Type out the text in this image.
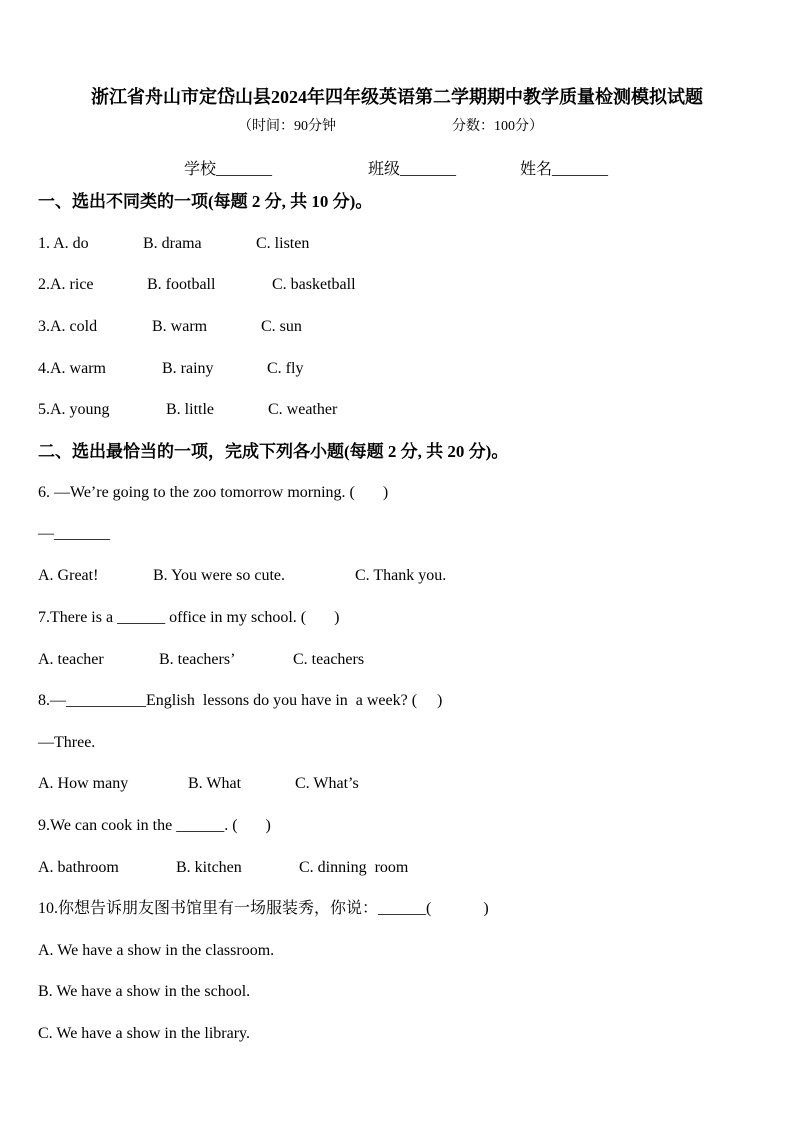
浙江省舟山市定岱山县2024年四年级英语第二学期期中教学质量检测模拟试题
（时间：90分钟	分数：100分）
学校_______	班级_______	姓名_______
一、选出不同类的一项(每题 2 分, 共 10 分)。
1. A. do	B. drama	C. listen
2.A. rice	B. football	C. basketball
3.A. cold	B. warm	C. sun
4.A. warm	B. rainy	C. fly
5.A. young	B. little	C. weather
二、选出最恰当的一项，完成下列各小题(每题 2 分, 共 20 分)。
6. —We’re going to the zoo tomorrow morning. (       )
—_______
A. Great!	B. You were so cute.	C. Thank you.
7.There is a ______ office in my school. (       )
A. teacher	B. teachers’	C. teachers
8.—__________English  lessons do you have in  a week? (     )
—Three.
A. How many	B. What	C. What’s
9.We can cook in the ______. (       )
A. bathroom	B. kitchen	C. dinning  room
10.你想告诉朋友图书馆里有一场服装秀，你说：______(             )
A. We have a show in the classroom.
B. We have a show in the school.
C. We have a show in the library.
